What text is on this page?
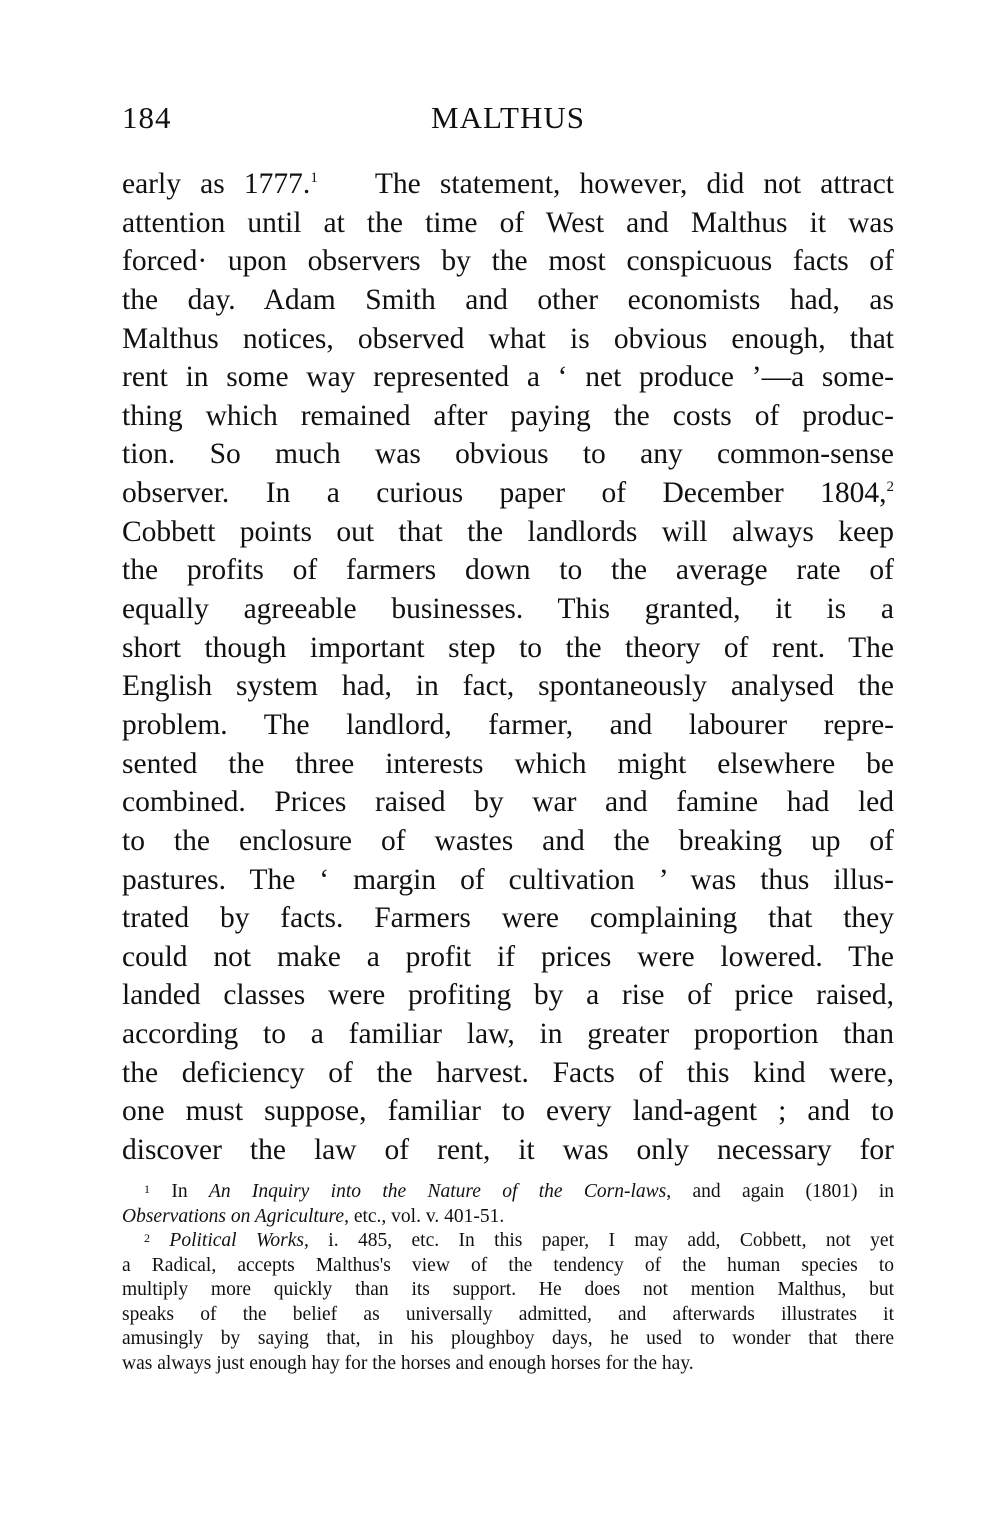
184	MALTHUS
early as 1777.$^1$ The statement, however, did not attract
attention until at the time of West and Malthus it was
forced· upon observers by the most conspicuous facts of
the day. Adam Smith and other economists had, as
Malthus notices, observed what is obvious enough, that
rent in some way represented a ‘ net produce ’—a some-
thing which remained after paying the costs of produc-
tion. So much was obvious to any common-sense
observer. In a curious paper of December 1804,$^2$
Cobbett points out that the landlords will always keep
the profits of farmers down to the average rate of
equally agreeable businesses. This granted, it is a
short though important step to the theory of rent. The
English system had, in fact, spontaneously analysed the
problem. The landlord, farmer, and labourer repre-
sented the three interests which might elsewhere be
combined. Prices raised by war and famine had led
to the enclosure of wastes and the breaking up of
pastures. The ‘ margin of cultivation ’ was thus illus-
trated by facts. Farmers were complaining that they
could not make a profit if prices were lowered. The
landed classes were profiting by a rise of price raised,
according to a familiar law, in greater proportion than
the deficiency of the harvest. Facts of this kind were,
one must suppose, familiar to every land-agent ; and to
discover the law of rent, it was only necessary for
$^1$ In An Inquiry into the Nature of the Corn-laws, and again (1801) in
Observations on Agriculture, etc., vol. v. 401-51.
$^2$ Political Works, i. 485, etc. In this paper, I may add, Cobbett, not yet
a Radical, accepts Malthus's view of the tendency of the human species to
multiply more quickly than its support. He does not mention Malthus, but
speaks of the belief as universally admitted, and afterwards illustrates it
amusingly by saying that, in his ploughboy days, he used to wonder that there
was always just enough hay for the horses and enough horses for the hay.
